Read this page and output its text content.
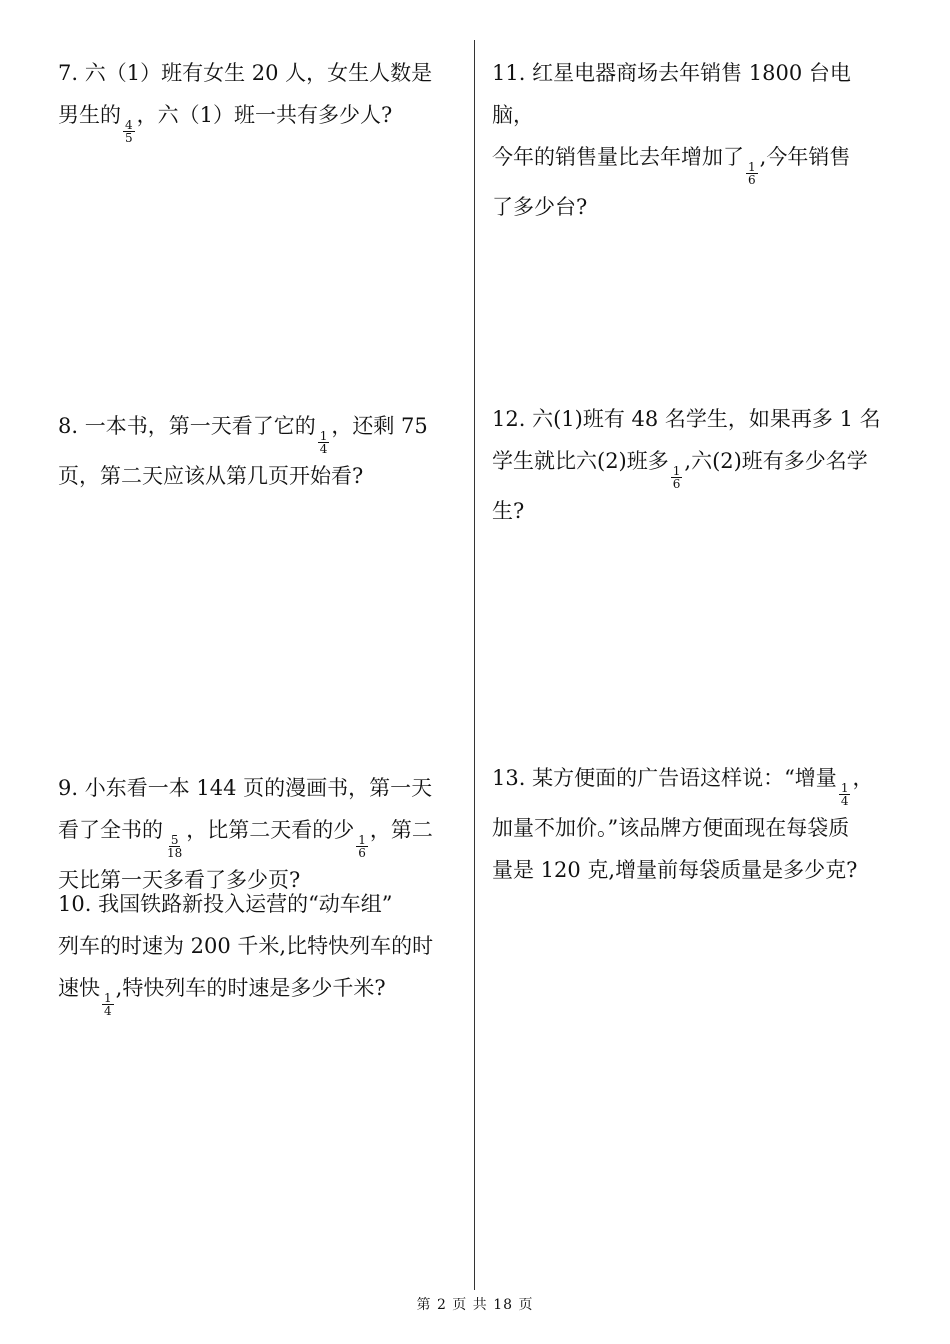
7. 六（1）班有女生 20 人，女生人数是
男生的
$\frac{4}{5}$
，六（1）班一共有多少人?
8. 一本书，第一天看了它的
$\frac{1}{4}$
，还剩 75
页，第二天应该从第几页开始看?
9. 小东看一本 144 页的漫画书，第一天
看了全书的
$\frac{5}{18}$
，比第二天看的少
$\frac{1}{6}$
，第二
天比第一天多看了多少页?
10. 我国铁路新投入运营的“动车组”
列车的时速为 200 千米,比特快列车的时
速快
$\frac{1}{4}$
,特快列车的时速是多少千米?
11. 红星电器商场去年销售 1800 台电脑，
今年的销售量比去年增加了
$\frac{1}{6}$
,今年销售
了多少台?
12. 六(1)班有 48 名学生，如果再多 1 名
学生就比六(2)班多
$\frac{1}{6}$
,六(2)班有多少名学
生?
13. 某方便面的广告语这样说：“增量
$\frac{1}{4}$
，
加量不加价。”该品牌方便面现在每袋质
量是 120 克,增量前每袋质量是多少克?
第 2 页 共 18 页
